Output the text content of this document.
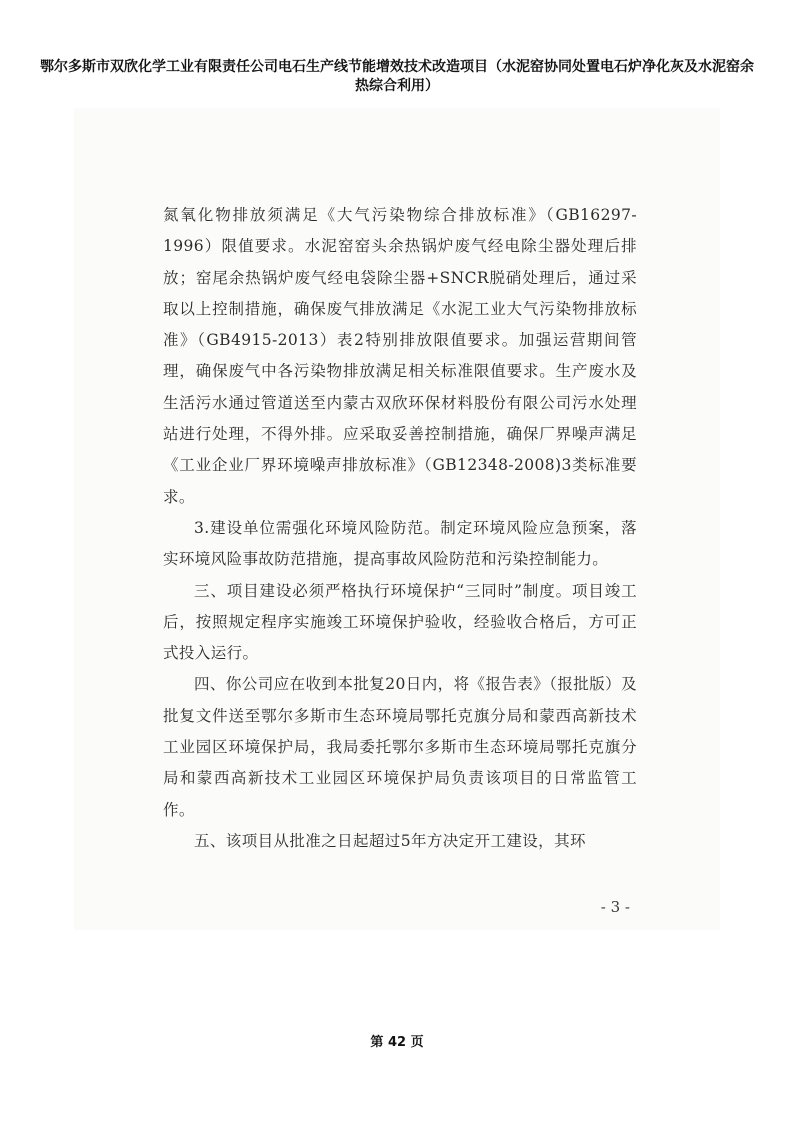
鄂尔多斯市双欣化学工业有限责任公司电石生产线节能增效技术改造项目（水泥窑协同处置电石炉净化灰及水泥窑余热综合利用）

氮氧化物排放须满足《大气污染物综合排放标准》（GB16297-1996）限值要求。水泥窑窑头余热锅炉废气经电除尘器处理后排放；窑尾余热锅炉废气经电袋除尘器+SNCR脱硝处理后，通过采取以上控制措施，确保废气排放满足《水泥工业大气污染物排放标准》（GB4915-2013）表2特别排放限值要求。加强运营期间管理，确保废气中各污染物排放满足相关标准限值要求。生产废水及生活污水通过管道送至内蒙古双欣环保材料股份有限公司污水处理站进行处理，不得外排。应采取妥善控制措施，确保厂界噪声满足《工业企业厂界环境噪声排放标准》（GB12348-2008)3类标准要求。

3.建设单位需强化环境风险防范。制定环境风险应急预案，落实环境风险事故防范措施，提高事故风险防范和污染控制能力。

三、项目建设必须严格执行环境保护“三同时”制度。项目竣工后，按照规定程序实施竣工环境保护验收，经验收合格后，方可正式投入运行。

四、你公司应在收到本批复20日内，将《报告表》（报批版）及批复文件送至鄂尔多斯市生态环境局鄂托克旗分局和蒙西高新技术工业园区环境保护局，我局委托鄂尔多斯市生态环境局鄂托克旗分局和蒙西高新技术工业园区环境保护局负责该项目的日常监管工作。

五、该项目从批准之日起超过5年方决定开工建设，其环

- 3 -
第 42 页
